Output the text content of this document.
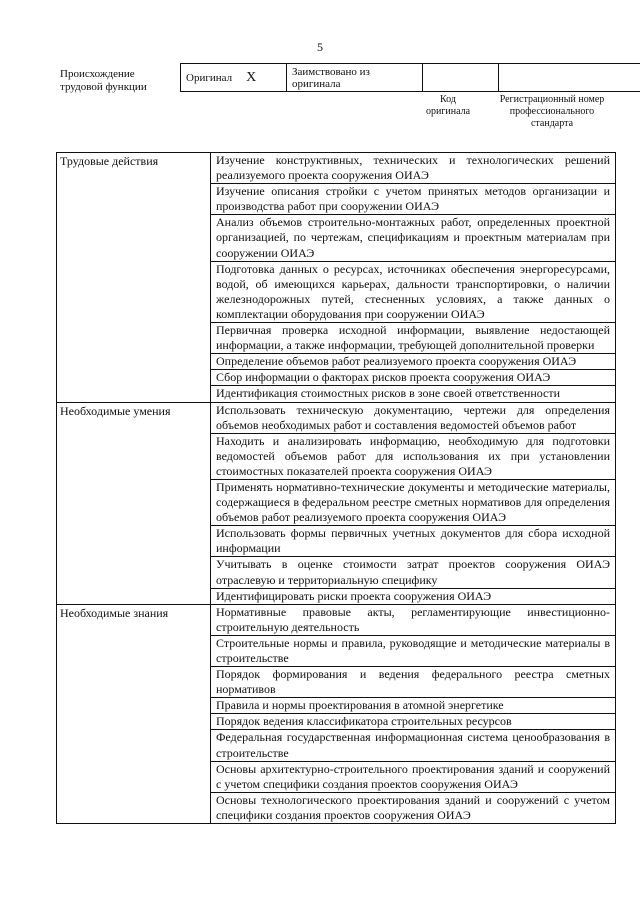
5
Происхождение трудовой функции
Оригинал X	Заимствовано из оригинала		
Код оригинала
Регистрационный номер профессионального стандарта
Трудовые действия	Изучение конструктивных, технических и технологических решений реализуемого проекта сооружения ОИАЭ
	Изучение описания стройки с учетом принятых методов организации и производства работ при сооружении ОИАЭ
	Анализ объемов строительно-монтажных работ, определенных проектной организацией, по чертежам, спецификациям и проектным материалам при сооружении ОИАЭ
	Подготовка данных о ресурсах, источниках обеспечения энергоресурсами, водой, об имеющихся карьерах, дальности транспортировки, о наличии железнодорожных путей, стесненных условиях, а также данных о комплектации оборудования при сооружении ОИАЭ
	Первичная проверка исходной информации, выявление недостающей информации, а также информации, требующей дополнительной проверки
	Определение объемов работ реализуемого проекта сооружения ОИАЭ
	Сбор информации о факторах рисков проекта сооружения ОИАЭ
	Идентификация стоимостных рисков в зоне своей ответственности
Необходимые умения	Использовать техническую документацию, чертежи для определения объемов необходимых работ и составления ведомостей объемов работ
	Находить и анализировать информацию, необходимую для подготовки ведомостей объемов работ для использования их при установлении стоимостных показателей проекта сооружения ОИАЭ
	Применять нормативно-технические документы и методические материалы, содержащиеся в федеральном реестре сметных нормативов для определения объемов работ реализуемого проекта сооружения ОИАЭ
	Использовать формы первичных учетных документов для сбора исходной информации
	Учитывать в оценке стоимости затрат проектов сооружения ОИАЭ отраслевую и территориальную специфику
	Идентифицировать риски проекта сооружения ОИАЭ
Необходимые знания	Нормативные правовые акты, регламентирующие инвестиционно-строительную деятельность
	Строительные нормы и правила, руководящие и методические материалы в строительстве
	Порядок формирования и ведения федерального реестра сметных нормативов
	Правила и нормы проектирования в атомной энергетике
	Порядок ведения классификатора строительных ресурсов
	Федеральная государственная информационная система ценообразования в строительстве
	Основы архитектурно-строительного проектирования зданий и сооружений с учетом специфики создания проектов сооружения ОИАЭ
	Основы технологического проектирования зданий и сооружений с учетом специфики создания проектов сооружения ОИАЭ
